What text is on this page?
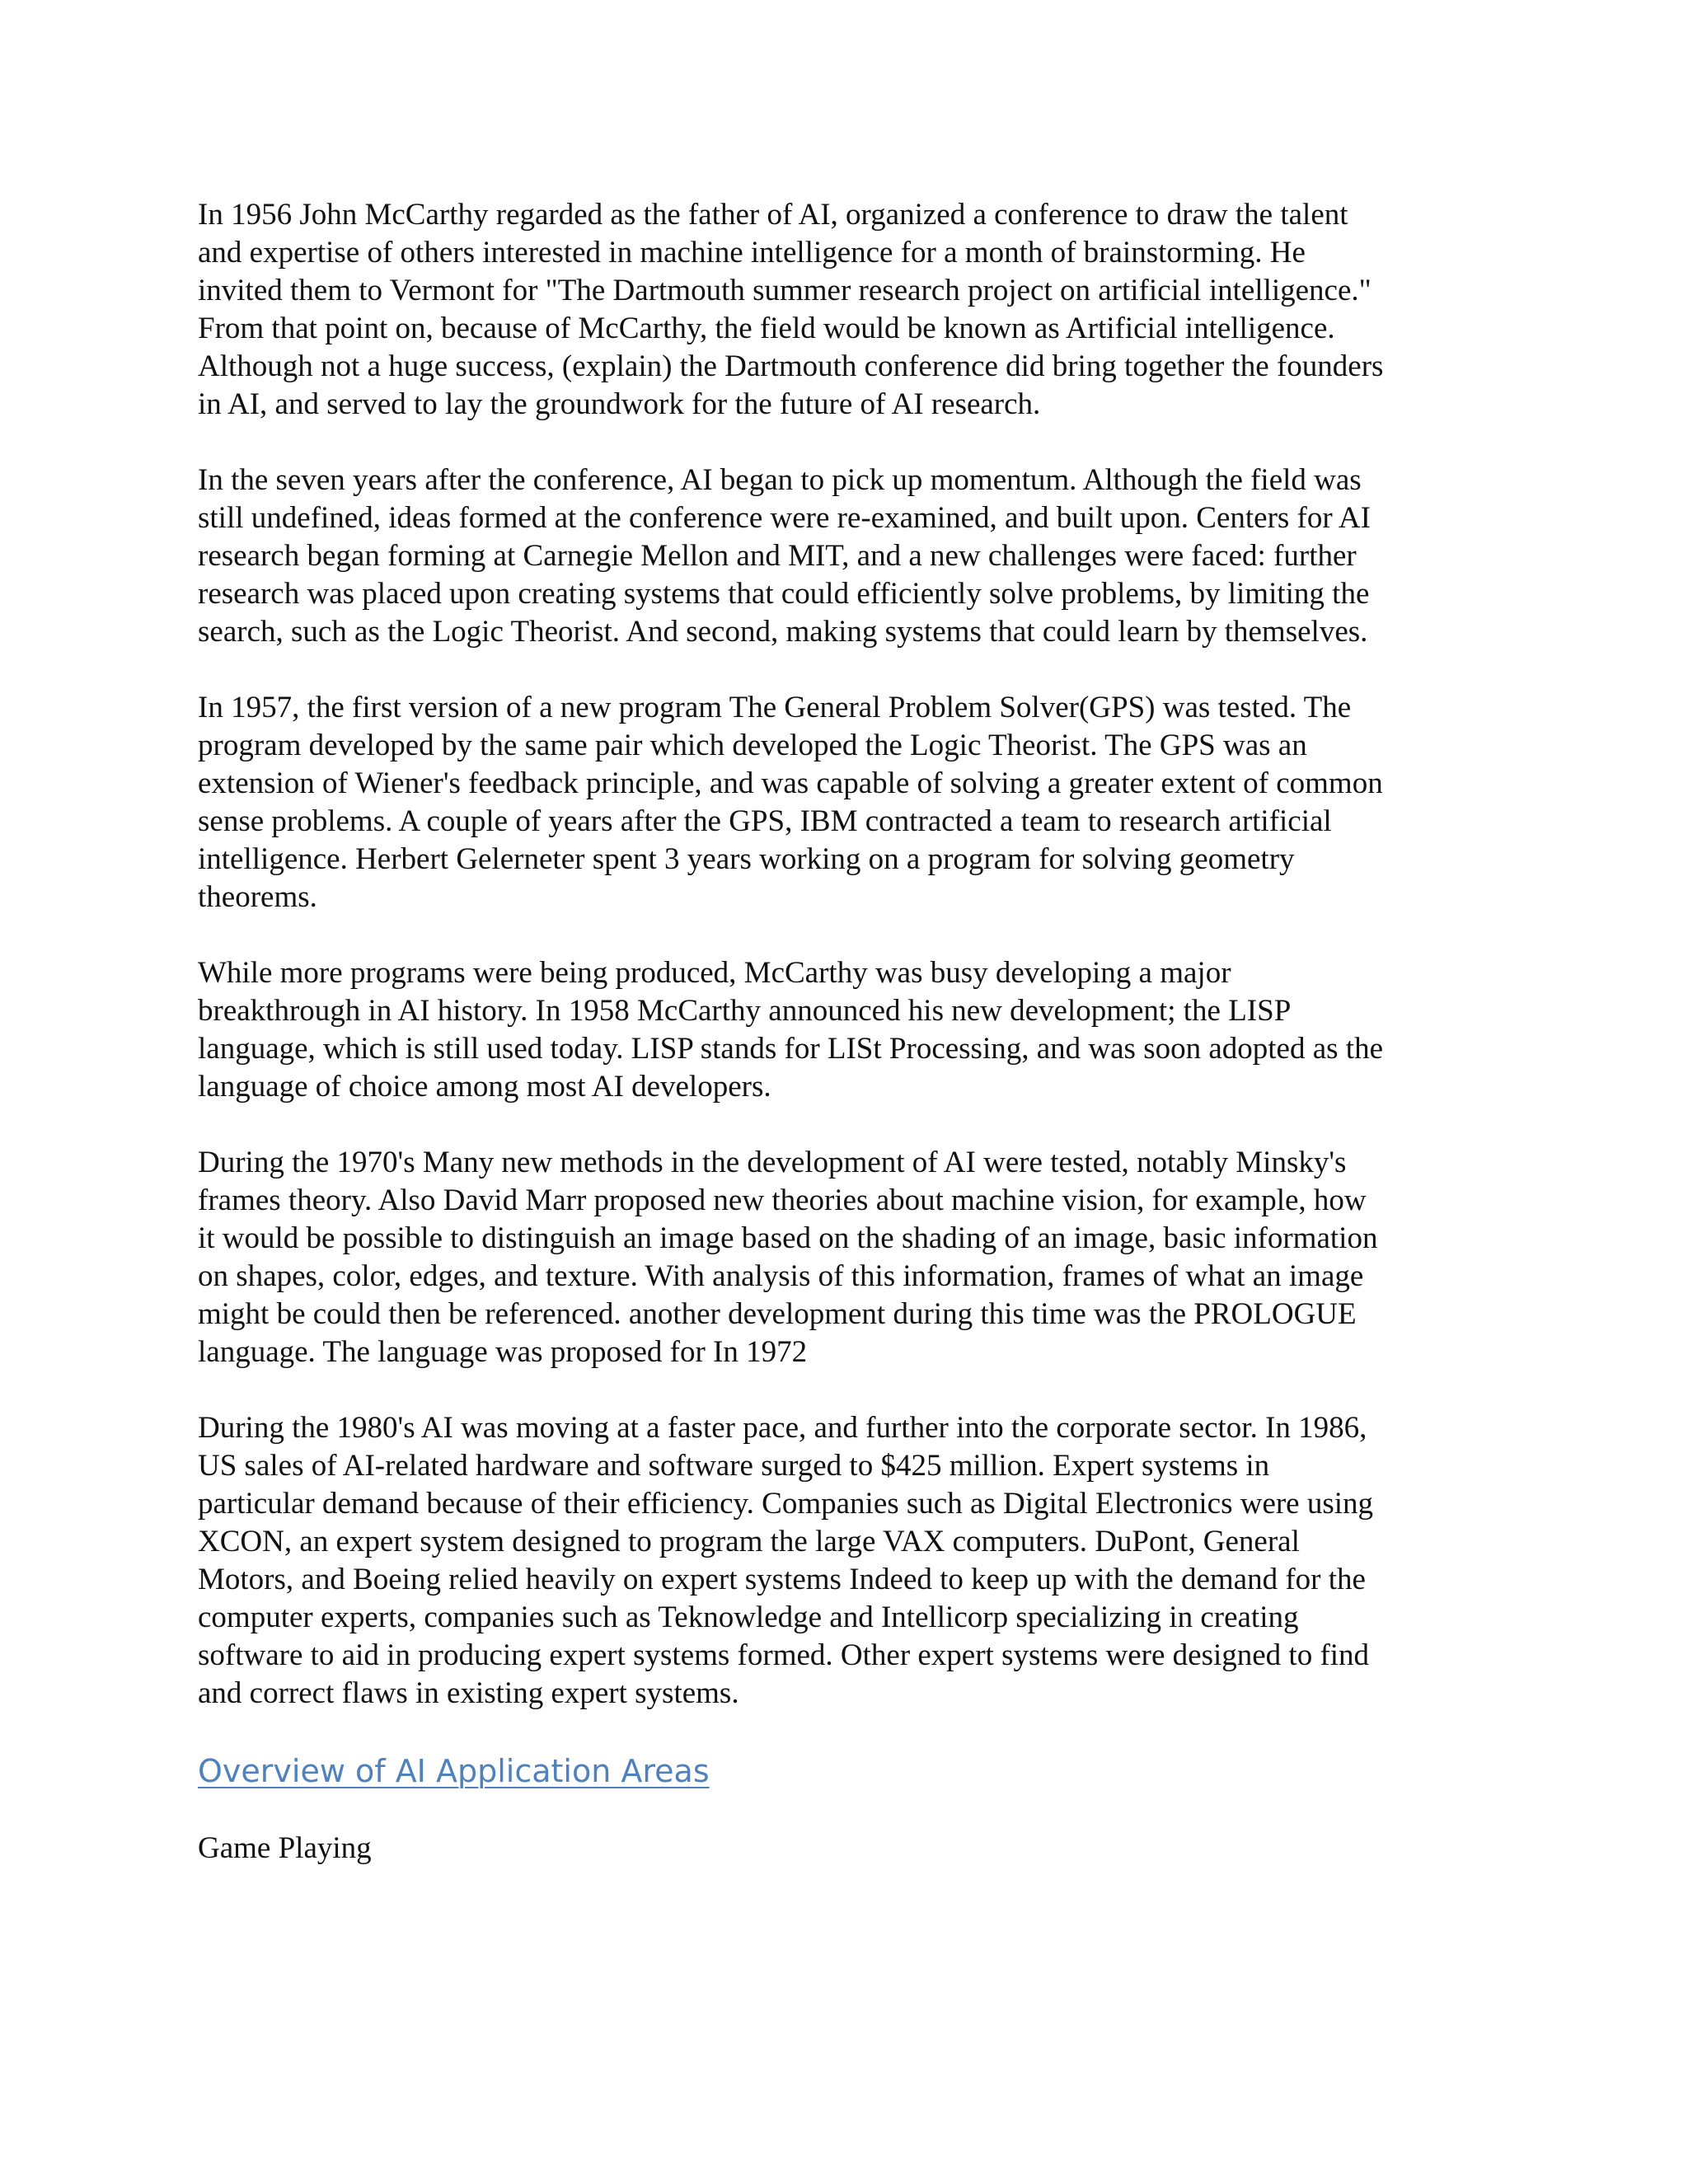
In 1956 John McCarthy regarded as the father of AI, organized a conference to draw the talent
and expertise of others interested in machine intelligence for a month of brainstorming. He
invited them to Vermont for "The Dartmouth summer research project on artificial intelligence."
From that point on, because of McCarthy, the field would be known as Artificial intelligence.
Although not a huge success, (explain) the Dartmouth conference did bring together the founders
in AI, and served to lay the groundwork for the future of AI research.
In the seven years after the conference, AI began to pick up momentum. Although the field was
still undefined, ideas formed at the conference were re-examined, and built upon. Centers for AI
research began forming at Carnegie Mellon and MIT, and a new challenges were faced: further
research was placed upon creating systems that could efficiently solve problems, by limiting the
search, such as the Logic Theorist. And second, making systems that could learn by themselves.
In 1957, the first version of a new program The General Problem Solver(GPS) was tested. The
program developed by the same pair which developed the Logic Theorist. The GPS was an
extension of Wiener's feedback principle, and was capable of solving a greater extent of common
sense problems. A couple of years after the GPS, IBM contracted a team to research artificial
intelligence. Herbert Gelerneter spent 3 years working on a program for solving geometry
theorems.
While more programs were being produced, McCarthy was busy developing a major
breakthrough in AI history. In 1958 McCarthy announced his new development; the LISP
language, which is still used today. LISP stands for LISt Processing, and was soon adopted as the
language of choice among most AI developers.
During the 1970's Many new methods in the development of AI were tested, notably Minsky's
frames theory. Also David Marr proposed new theories about machine vision, for example, how
it would be possible to distinguish an image based on the shading of an image, basic information
on shapes, color, edges, and texture. With analysis of this information, frames of what an image
might be could then be referenced. another development during this time was the PROLOGUE
language. The language was proposed for In 1972
During the 1980's AI was moving at a faster pace, and further into the corporate sector. In 1986,
US sales of AI-related hardware and software surged to $425 million. Expert systems in
particular demand because of their efficiency. Companies such as Digital Electronics were using
XCON, an expert system designed to program the large VAX computers. DuPont, General
Motors, and Boeing relied heavily on expert systems Indeed to keep up with the demand for the
computer experts, companies such as Teknowledge and Intellicorp specializing in creating
software to aid in producing expert systems formed. Other expert systems were designed to find
and correct flaws in existing expert systems.
Overview of AI Application Areas
Game Playing
